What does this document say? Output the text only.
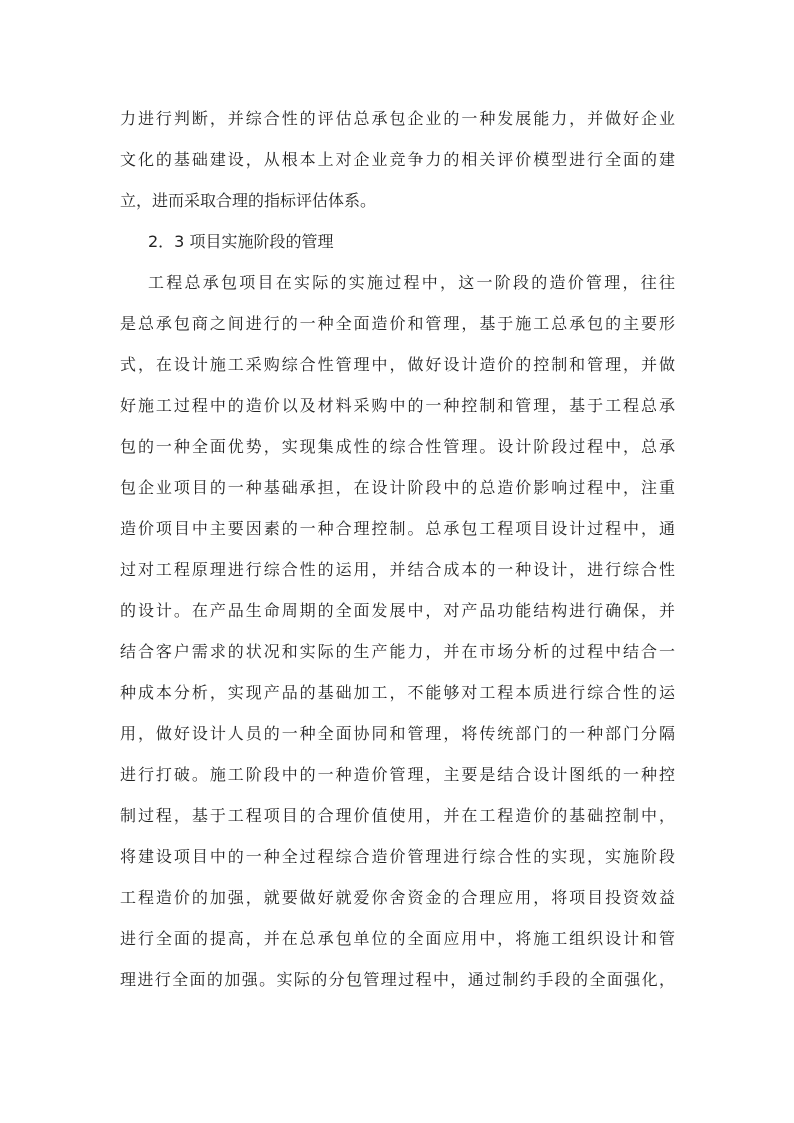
力进行判断，并综合性的评估总承包企业的一种发展能力，并做好企业
文化的基础建设，从根本上对企业竞争力的相关评价模型进行全面的建
立，进而采取合理的指标评估体系。
2．3 项目实施阶段的管理
工程总承包项目在实际的实施过程中，这一阶段的造价管理，往往
是总承包商之间进行的一种全面造价和管理，基于施工总承包的主要形
式，在设计施工采购综合性管理中，做好设计造价的控制和管理，并做
好施工过程中的造价以及材料采购中的一种控制和管理，基于工程总承
包的一种全面优势，实现集成性的综合性管理。设计阶段过程中，总承
包企业项目的一种基础承担，在设计阶段中的总造价影响过程中，注重
造价项目中主要因素的一种合理控制。总承包工程项目设计过程中，通
过对工程原理进行综合性的运用，并结合成本的一种设计，进行综合性
的设计。在产品生命周期的全面发展中，对产品功能结构进行确保，并
结合客户需求的状况和实际的生产能力，并在市场分析的过程中结合一
种成本分析，实现产品的基础加工，不能够对工程本质进行综合性的运
用，做好设计人员的一种全面协同和管理，将传统部门的一种部门分隔
进行打破。施工阶段中的一种造价管理，主要是结合设计图纸的一种控
制过程，基于工程项目的合理价值使用，并在工程造价的基础控制中，
将建设项目中的一种全过程综合造价管理进行综合性的实现，实施阶段
工程造价的加强，就要做好就爱你舍资金的合理应用，将项目投资效益
进行全面的提高，并在总承包单位的全面应用中，将施工组织设计和管
理进行全面的加强。实际的分包管理过程中，通过制约手段的全面强化，
